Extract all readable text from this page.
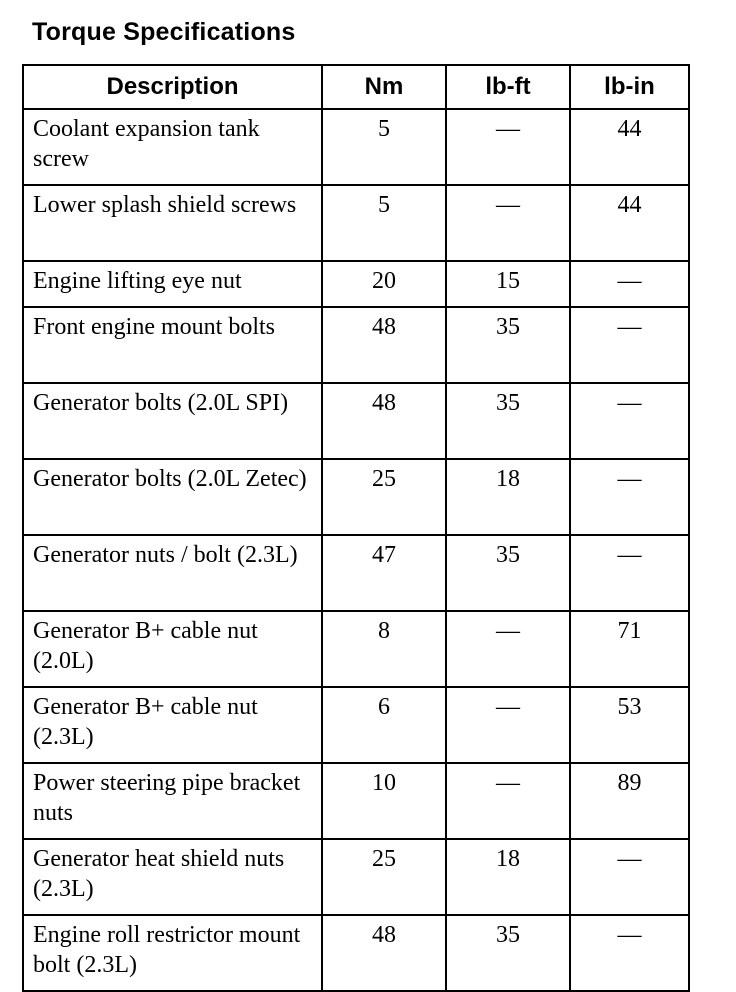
Torque Specifications
Description	Nm	lb-ft	lb-in
Coolant expansion tank screw	5	—	44
Lower splash shield screws	5	—	44
Engine lifting eye nut	20	15	—
Front engine mount bolts	48	35	—
Generator bolts (2.0L SPI)	48	35	—
Generator bolts (2.0L Zetec)	25	18	—
Generator nuts / bolt (2.3L)	47	35	—
Generator B+ cable nut (2.0L)	8	—	71
Generator B+ cable nut (2.3L)	6	—	53
Power steering pipe bracket nuts	10	—	89
Generator heat shield nuts (2.3L)	25	18	—
Engine roll restrictor mount bolt (2.3L)	48	35	—
